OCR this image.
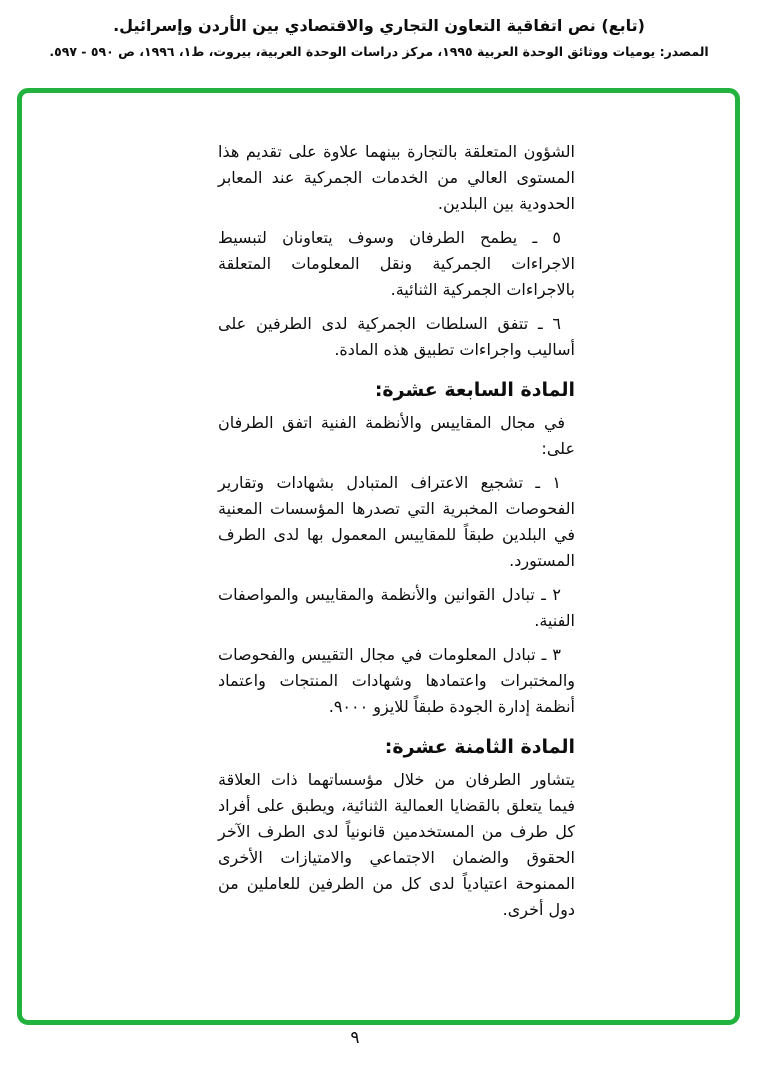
(تابع) نص اتفاقية التعاون التجاري والاقتصادي بين الأردن وإسرائيل.
المصدر: يوميات ووثائق الوحدة العربية ١٩٩٥، مركز دراسات الوحدة العربية، بيروت، ط١، ١٩٩٦، ص ٥٩٠ - ٥٩٧.
الشؤون المتعلقة بالتجارة بينهما علاوة على تقديم هذا المستوى العالي من الخدمات الجمركية عند المعابر الحدودية بين البلدين.
٥ ـ يطمح الطرفان وسوف يتعاونان لتبسيط الاجراءات الجمركية ونقل المعلومات المتعلقة بالاجراءات الجمركية الثنائية.
٦ ـ تتفق السلطات الجمركية لدى الطرفين على أساليب واجراءات تطبيق هذه المادة.
المادة السابعة عشرة:
في مجال المقاييس والأنظمة الفنية اتفق الطرفان على:
١ ـ تشجيع الاعتراف المتبادل بشهادات وتقارير الفحوصات المخبرية التي تصدرها المؤسسات المعنية في البلدين طبقاً للمقاييس المعمول بها لدى الطرف المستورد.
٢ ـ تبادل القوانين والأنظمة والمقاييس والمواصفات الفنية.
٣ ـ تبادل المعلومات في مجال التقييس والفحوصات والمختبرات واعتمادها وشهادات المنتجات واعتماد أنظمة إدارة الجودة طبقاً للايزو ٩٠٠٠.
المادة الثامنة عشرة:
يتشاور الطرفان من خلال مؤسساتهما ذات العلاقة فيما يتعلق بالقضايا العمالية الثنائية، ويطبق على أفراد كل طرف من المستخدمين قانونياً لدى الطرف الآخر الحقوق والضمان الاجتماعي والامتيازات الأخرى الممنوحة اعتيادياً لدى كل من الطرفين للعاملين من دول أخرى.
٩
